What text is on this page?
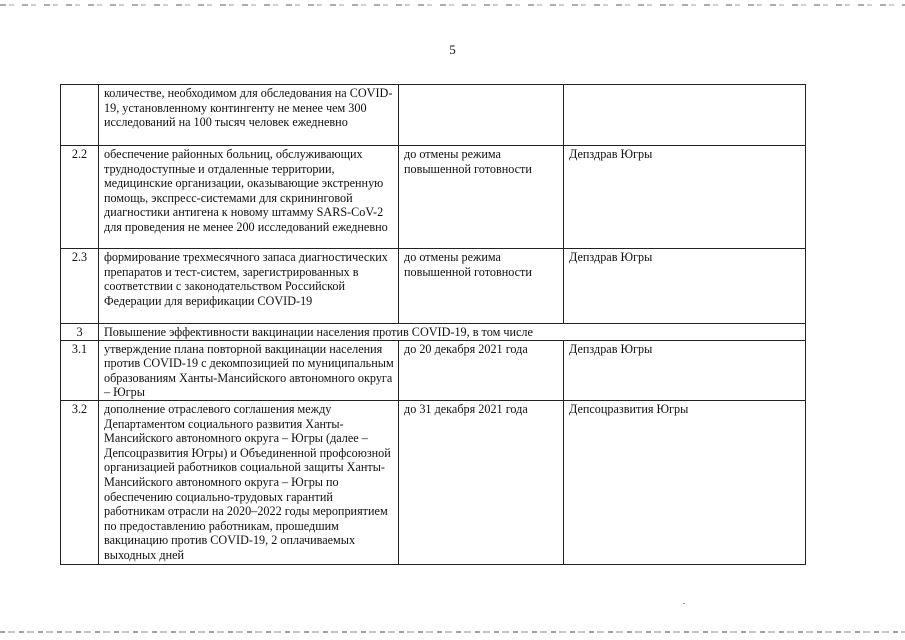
5
	количестве, необходимом для обследования на COVID-19, установленному контингенту не менее чем 300 исследований на 100 тысяч человек ежедневно		
2.2	обеспечение районных больниц, обслуживающих труднодоступные и отдаленные территории, медицинские организации, оказывающие экстренную помощь, экспресс-системами для скрининговой диагностики антигена к новому штамму SARS-CoV-2 для проведения не менее 200 исследований ежедневно	до отмены режима повышенной готовности	Депздрав Югры
2.3	формирование трехмесячного запаса диагностических препаратов и тест-систем, зарегистрированных в соответствии с законодательством Российской Федерации для верификации COVID-19	до отмены режима повышенной готовности	Депздрав Югры
3	Повышение эффективности вакцинации населения против COVID-19, в том числе		
3.1	утверждение плана повторной вакцинации населения против COVID-19 с декомпозицией по муниципальным образованиям Ханты-Мансийского автономного округа – Югры	до 20 декабря 2021 года	Депздрав Югры
3.2	дополнение отраслевого соглашения между Департаментом социального развития Ханты-Мансийского автономного округа – Югры (далее – Депсоцразвития Югры) и Объединенной профсоюзной организацией работников социальной защиты Ханты-Мансийского автономного округа – Югры по обеспечению социально-трудовых гарантий работникам отрасли на 2020–2022 годы мероприятием по предоставлению работникам, прошедшим вакцинацию против COVID-19, 2 оплачиваемых выходных дней	до 31 декабря 2021 года	Депсоцразвития Югры
